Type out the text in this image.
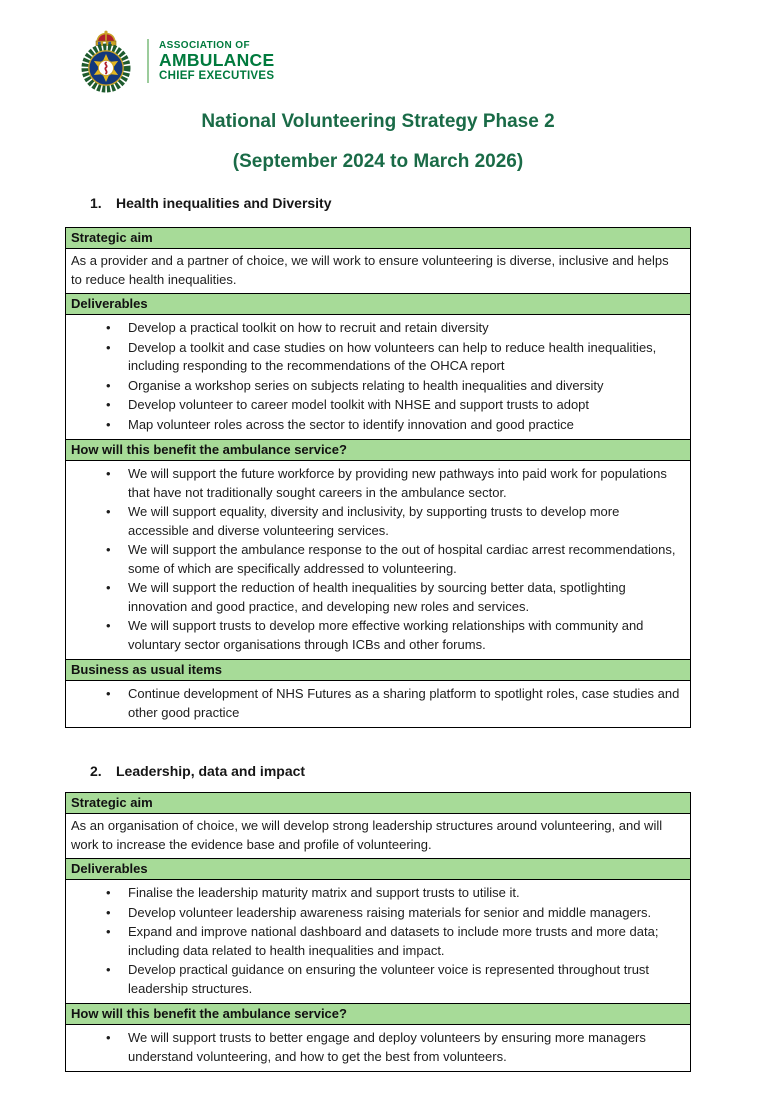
ASSOCIATION OF
AMBULANCE
CHIEF EXECUTIVES
National Volunteering Strategy Phase 2
(September 2024 to March 2026)
1. Health inequalities and Diversity
Strategic aim
As a provider and a partner of choice, we will work to ensure volunteering is diverse, inclusive and helps to reduce health inequalities.
Deliverables

• Develop a practical toolkit on how to recruit and retain diversity
• Develop a toolkit and case studies on how volunteers can help to reduce health inequalities, including responding to the recommendations of the OHCA report
• Organise a workshop series on subjects relating to health inequalities and diversity
• Develop volunteer to career model toolkit with NHSE and support trusts to adopt
• Map volunteer roles across the sector to identify innovation and good practice

How will this benefit the ambulance service?

• We will support the future workforce by providing new pathways into paid work for populations that have not traditionally sought careers in the ambulance sector.
• We will support equality, diversity and inclusivity, by supporting trusts to develop more accessible and diverse volunteering services.
• We will support the ambulance response to the out of hospital cardiac arrest recommendations, some of which are specifically addressed to volunteering.
• We will support the reduction of health inequalities by sourcing better data, spotlighting innovation and good practice, and developing new roles and services.
• We will support trusts to develop more effective working relationships with community and voluntary sector organisations through ICBs and other forums.

Business as usual items

• Continue development of NHS Futures as a sharing platform to spotlight roles, case studies and other good practice
2. Leadership, data and impact
Strategic aim
As an organisation of choice, we will develop strong leadership structures around volunteering, and will work to increase the evidence base and profile of volunteering.
Deliverables

• Finalise the leadership maturity matrix and support trusts to utilise it.
• Develop volunteer leadership awareness raising materials for senior and middle managers.
• Expand and improve national dashboard and datasets to include more trusts and more data; including data related to health inequalities and impact.
• Develop practical guidance on ensuring the volunteer voice is represented throughout trust leadership structures.

How will this benefit the ambulance service?

• We will support trusts to better engage and deploy volunteers by ensuring more managers understand volunteering, and how to get the best from volunteers.
